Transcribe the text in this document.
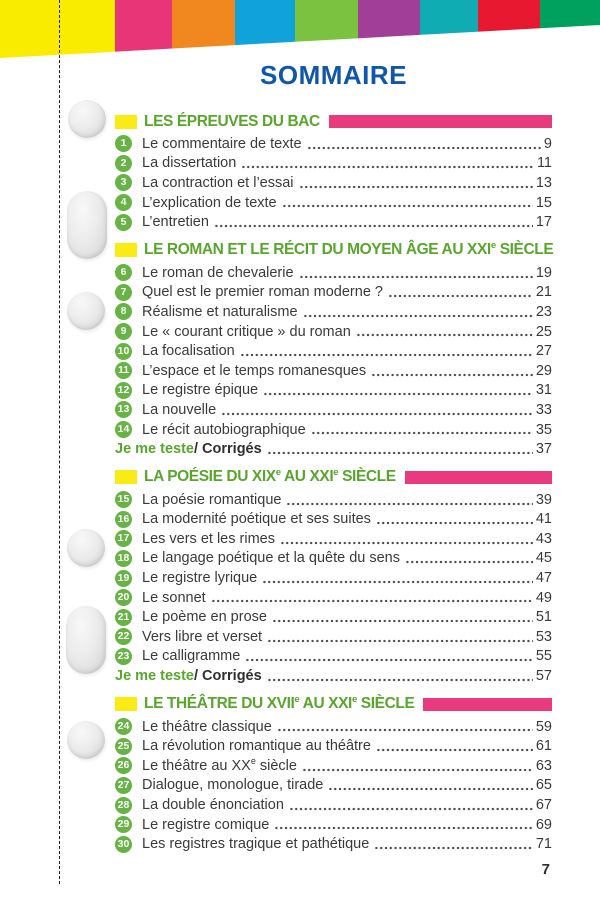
SOMMAIRE
LES ÉPREUVES DU BAC
1	Le commentaire de texte	9
2	La dissertation	11
3	La contraction et l’essai	13
4	L’explication de texte	15
5	L’entretien	17
LE ROMAN ET LE RÉCIT DU MOYEN ÂGE AU XXIe SIÈCLE
6	Le roman de chevalerie	19
7	Quel est le premier roman moderne ?	21
8	Réalisme et naturalisme	23
9	Le « courant critique » du roman	25
10 La focalisation	27
11 L’espace et le temps romanesques	29
12 Le registre épique	31
13 La nouvelle	33
14 Le récit autobiographique	35
Je me teste / Corrigés	37
LA POÉSIE DU XIXe AU XXIe SIÈCLE
15 La poésie romantique	39
16 La modernité poétique et ses suites	41
17 Les vers et les rimes	43
18 Le langage poétique et la quête du sens	45
19 Le registre lyrique	47
20 Le sonnet	49
21 Le poème en prose	51
22 Vers libre et verset	53
23 Le calligramme	55
Je me teste / Corrigés	57
LE THÉÂTRE DU XVIIe AU XXIe SIÈCLE
24 Le théâtre classique	59
25 La révolution romantique au théâtre	61
26 Le théâtre au XXe siècle	63
27 Dialogue, monologue, tirade	65
28 La double énonciation	67
29 Le registre comique	69
30 Les registres tragique et pathétique	71
7
